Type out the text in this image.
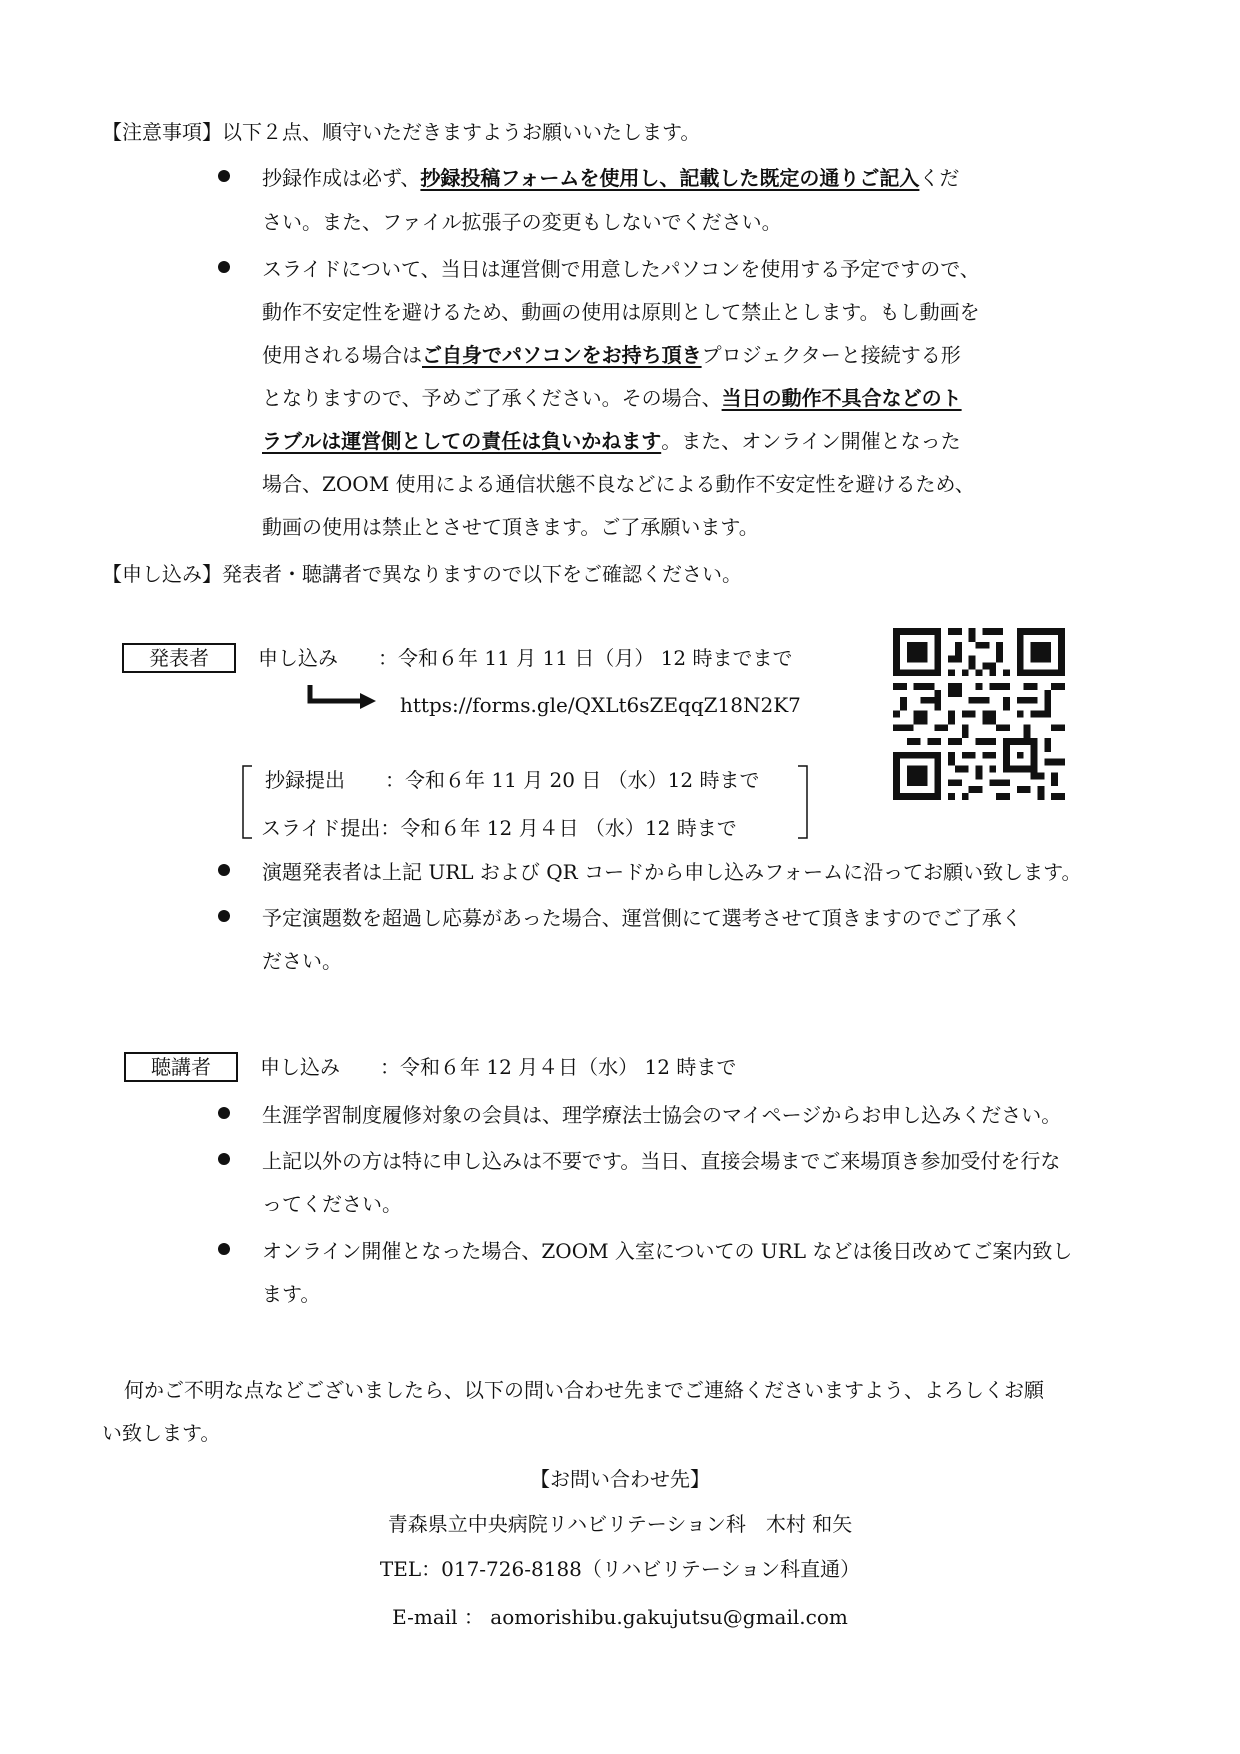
【注意事項】以下２点、順守いただきますようお願いいたします。
抄録作成は必ず、抄録投稿フォームを使用し、記載した既定の通りご記入くだ
さい。また、ファイル拡張子の変更もしないでください。
スライドについて、当日は運営側で用意したパソコンを使用する予定ですので、
動作不安定性を避けるため、動画の使用は原則として禁止とします。もし動画を
使用される場合はご自身でパソコンをお持ち頂きプロジェクターと接続する形
となりますので、予めご了承ください。その場合、当日の動作不具合などのト
ラブルは運営側としての責任は負いかねます。また、オンライン開催となった
場合、ZOOM 使用による通信状態不良などによる動作不安定性を避けるため、
動画の使用は禁止とさせて頂きます。ご了承願います。
【申し込み】発表者・聴講者で異なりますので以下をご確認ください。
発表者	申し込み　　：令和６年 11 月 11 日（月） 12 時までまで
https://forms.gle/QXLt6sZEqqZ18N2K7
抄録提出　　：令和６年 11 月 20 日 （水）12 時まで
スライド提出：令和６年 12 月４日 （水）12 時まで
演題発表者は上記 URL および QR コードから申し込みフォームに沿ってお願い致します。
予定演題数を超過し応募があった場合、運営側にて選考させて頂きますのでご了承く
ださい。
聴講者	申し込み　　：令和６年 12 月４日（水） 12 時まで
生涯学習制度履修対象の会員は、理学療法士協会のマイページからお申し込みください。
上記以外の方は特に申し込みは不要です。当日、直接会場までご来場頂き参加受付を行な
ってください。
オンライン開催となった場合、ZOOM 入室についての URL などは後日改めてご案内致し
ます。
何かご不明な点などございましたら、以下の問い合わせ先までご連絡くださいますよう、よろしくお願
い致します。
【お問い合わせ先】
青森県立中央病院リハビリテーション科　木村 和矢
TEL：017-726-8188（リハビリテーション科直通）
E-mail ： aomorishibu.gakujutsu@gmail.com
